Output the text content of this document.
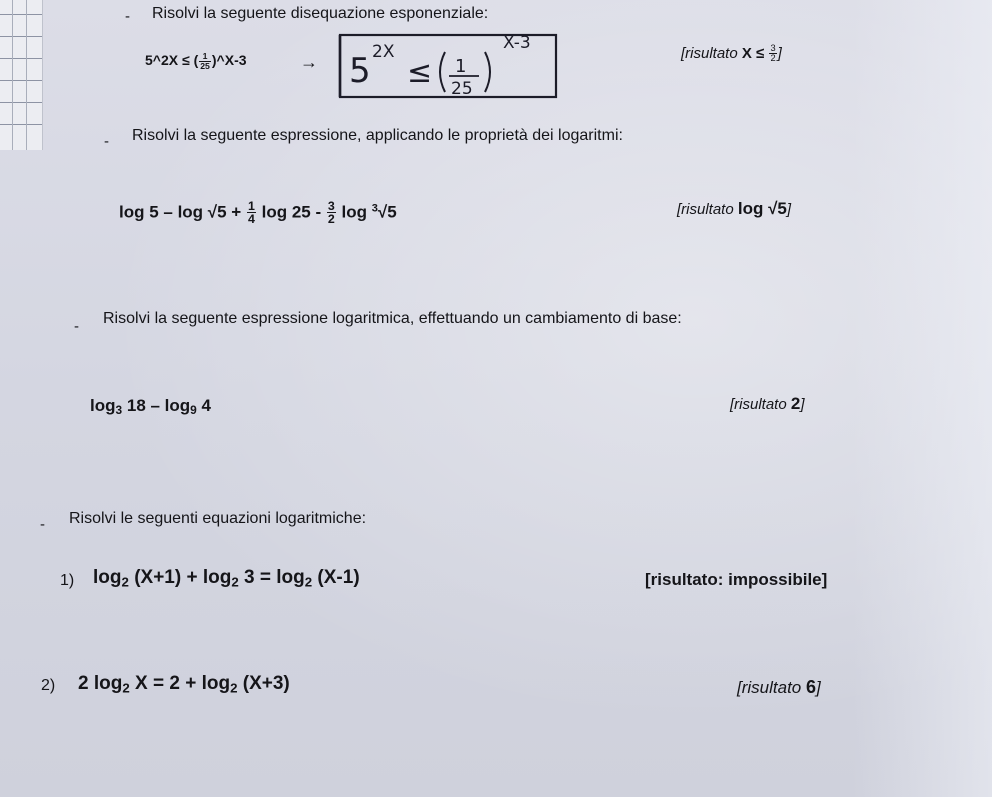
- Risolvi la seguente disequazione esponenziale:
5^2X ≤ ( $\frac{1}{25}$ )^X-3	→ 5 2X
≤ 1
25
X-3
[risultato $X \le \frac{3}{2}$ ]
- Risolvi la seguente espressione, applicando le proprietà dei logaritmi:
$\log 5 - \log √5 + \frac{1}{4}$ $\log 25 - \frac{3}{2}$ log $^3$√5	[risultato log √5]
- Risolvi la seguente espressione logaritmica, effettuando un cambiamento di base:
$\log_3 18 - \log_9 4$	[risultato 2]
- Risolvi le seguenti equazioni logaritmiche:
1) $\log_2 (X+1) + \log_2 3 = \log_2 (X-1)$	[risultato: impossibile]
2) 2 $\log_2 X = 2 + \log_2 (X+3)$	[risultato 6]
